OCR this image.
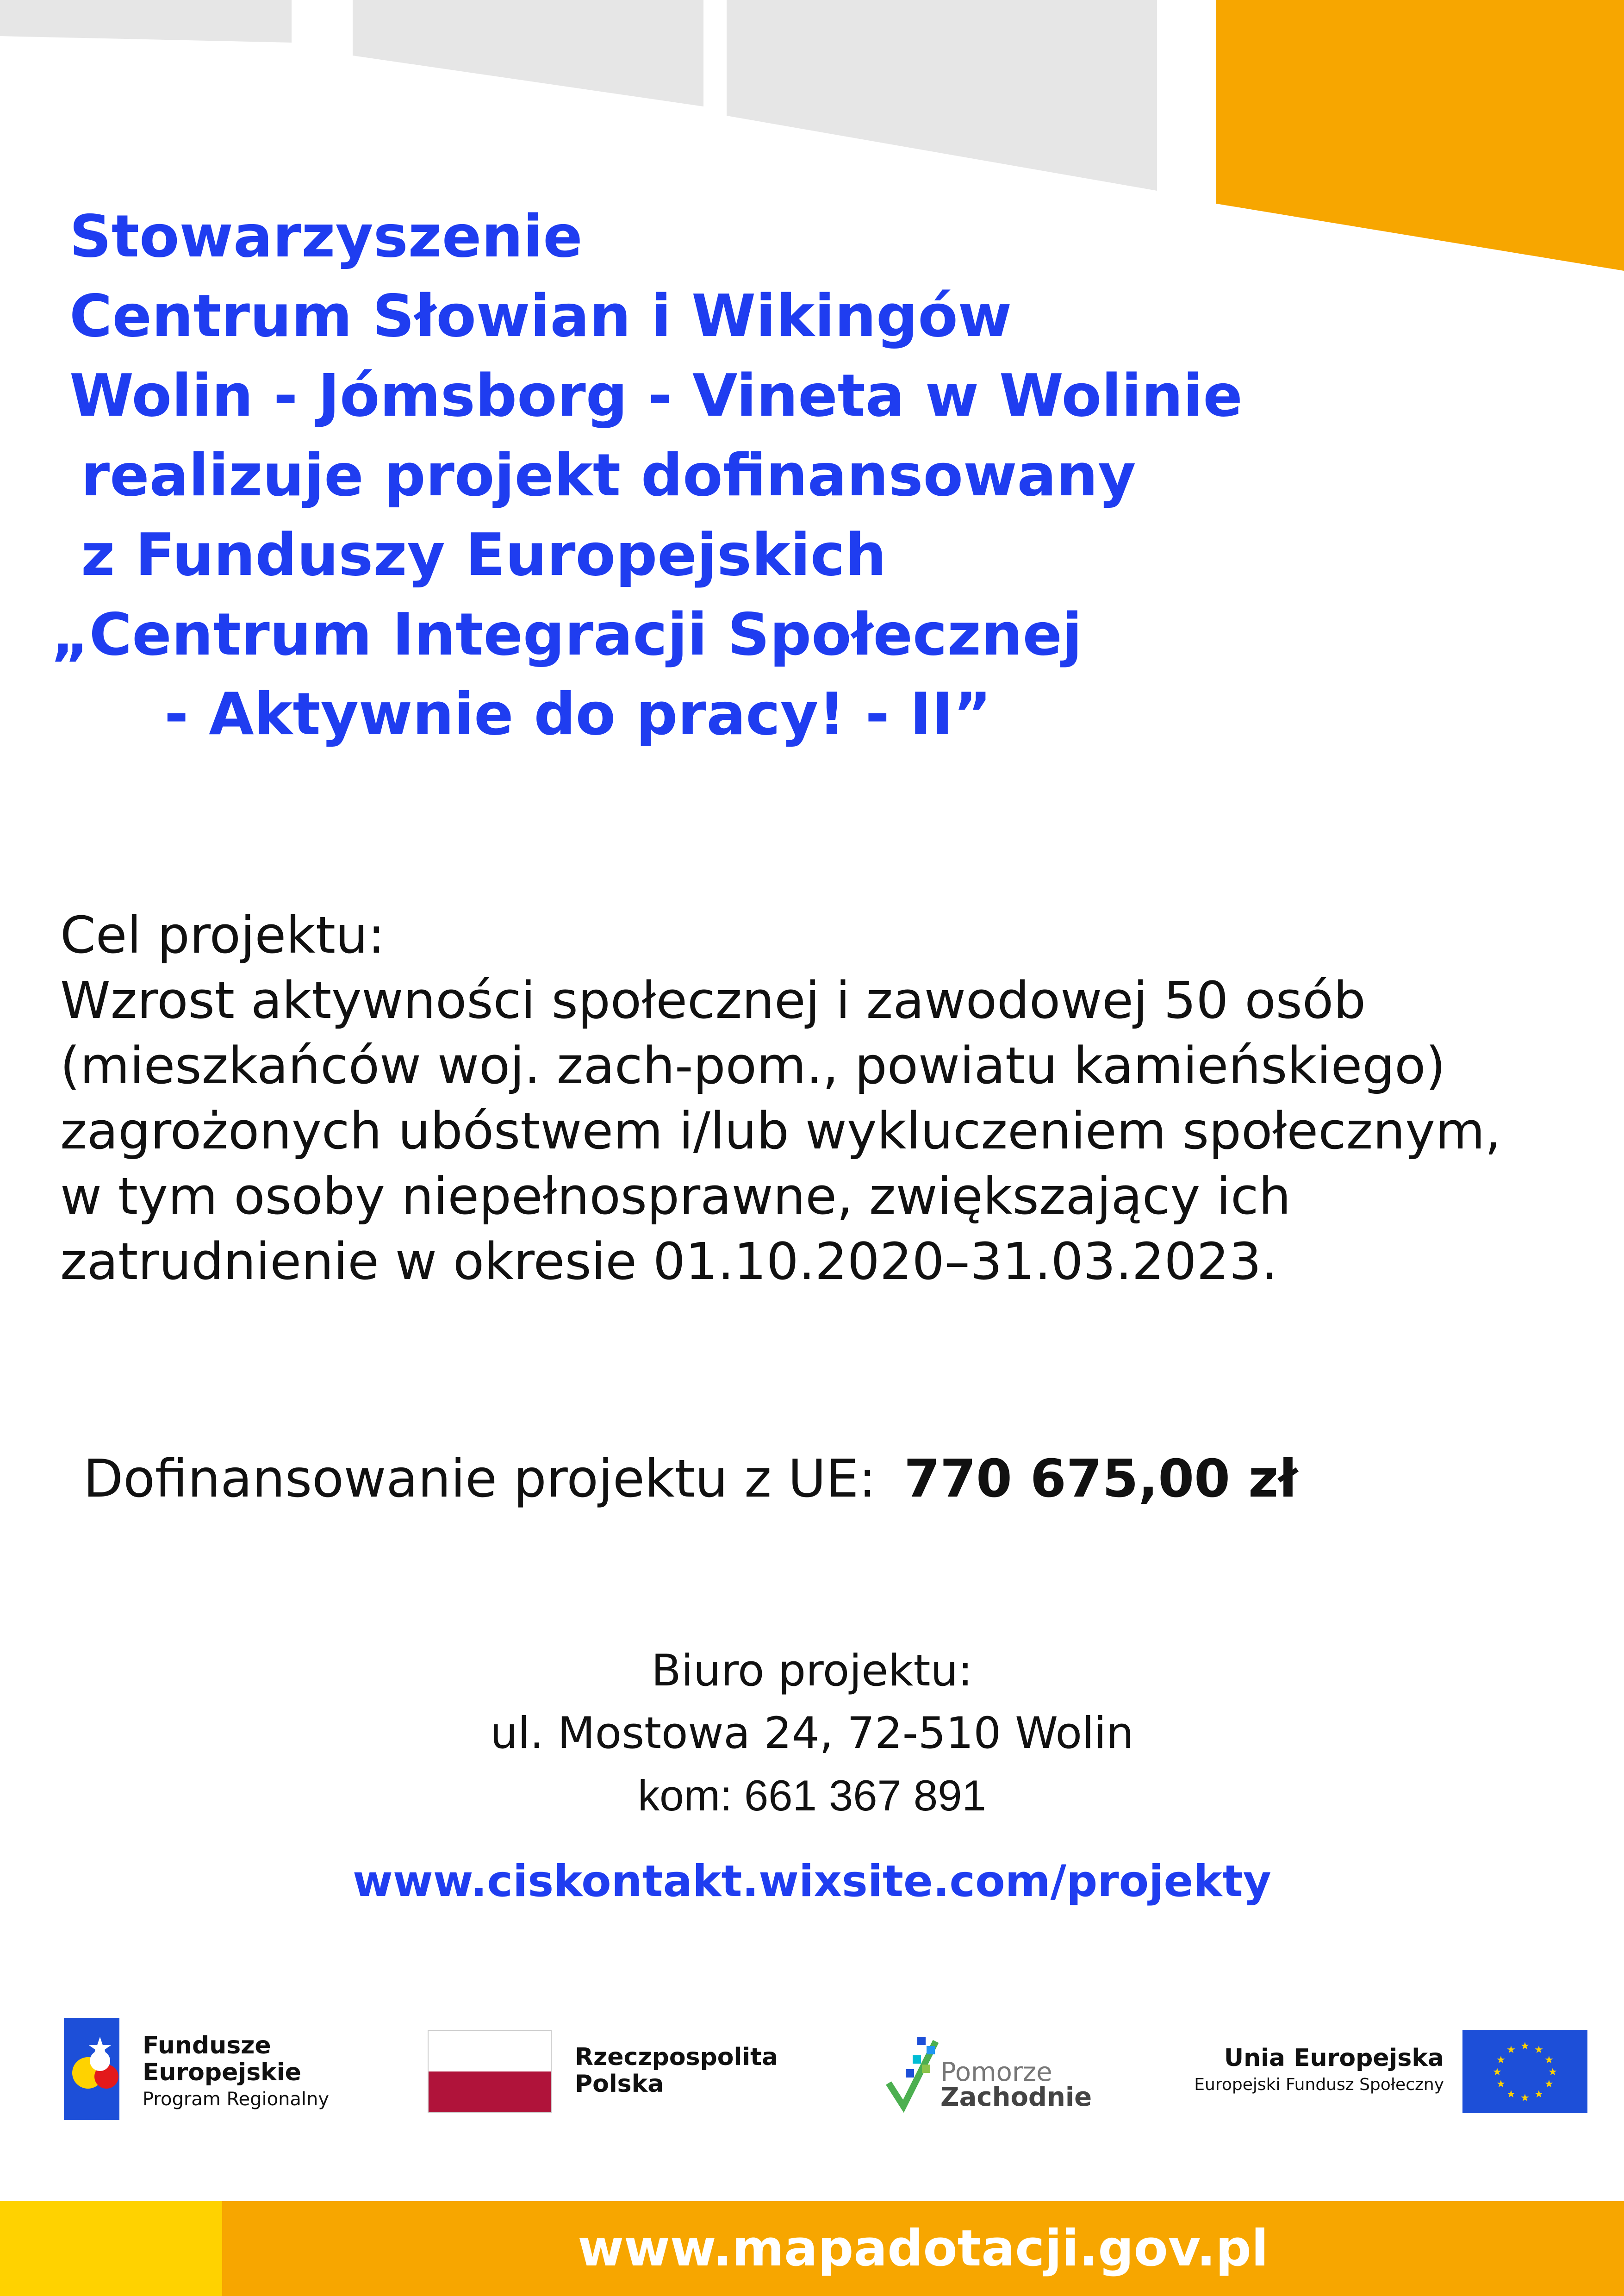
Stowarzyszenie
Centrum Słowian i Wikingów
Wolin - Jómsborg - Vineta w Wolinie
realizuje projekt dofinansowany
z Funduszy Europejskich
„Centrum Integracji Społecznej
- Aktywnie do pracy! - II”
Cel projektu:
Wzrost aktywności społecznej i zawodowej 50 osób
(mieszkańców woj. zach-pom., powiatu kamieńskiego)
zagrożonych ubóstwem i/lub wykluczeniem społecznym,
w tym osoby niepełnosprawne, zwiększający ich
zatrudnienie w okresie 01.10.2020–31.03.2023.
Dofinansowanie projektu z UE: 770 675,00 zł
Biuro projektu:
ul. Mostowa 24, 72-510 Wolin
kom: 661 367 891
www.ciskontakt.wixsite.com/projekty
Fundusze
Europejskie
Program Regionalny
Rzeczpospolita
Polska	Pomorze
Zachodnie
Unia Europejska
Europejski Fundusz Społeczny
★ ★
★
★
★
★
★
★
★
★
★
★
www.mapadotacji.gov.pl
